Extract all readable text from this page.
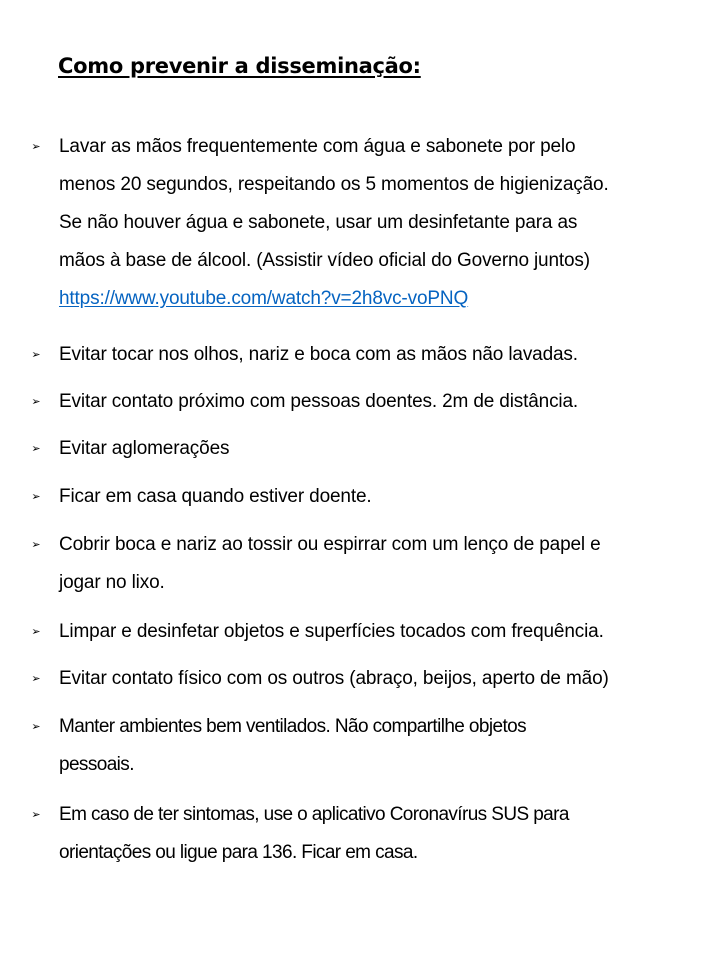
Como prevenir a disseminação:
➢ Lavar as mãos frequentemente com água e sabonete por pelo
menos 20 segundos, respeitando os 5 momentos de higienização.
Se não houver água e sabonete, usar um desinfetante para as
mãos à base de álcool. (Assistir vídeo oficial do Governo juntos)
https://www.youtube.com/watch?v=2h8vc-voPNQ
➢ Evitar tocar nos olhos, nariz e boca com as mãos não lavadas.
➢ Evitar contato próximo com pessoas doentes. 2m de distância.
➢ Evitar aglomerações
➢ Ficar em casa quando estiver doente.
➢ Cobrir boca e nariz ao tossir ou espirrar com um lenço de papel e
jogar no lixo.
➢ Limpar e desinfetar objetos e superfícies tocados com frequência.
➢ Evitar contato físico com os outros (abraço, beijos, aperto de mão)
➢ Manter ambientes bem ventilados. Não compartilhe objetos
pessoais.
➢ Em caso de ter sintomas, use o aplicativo Coronavírus SUS para
orientações ou ligue para 136. Ficar em casa.
